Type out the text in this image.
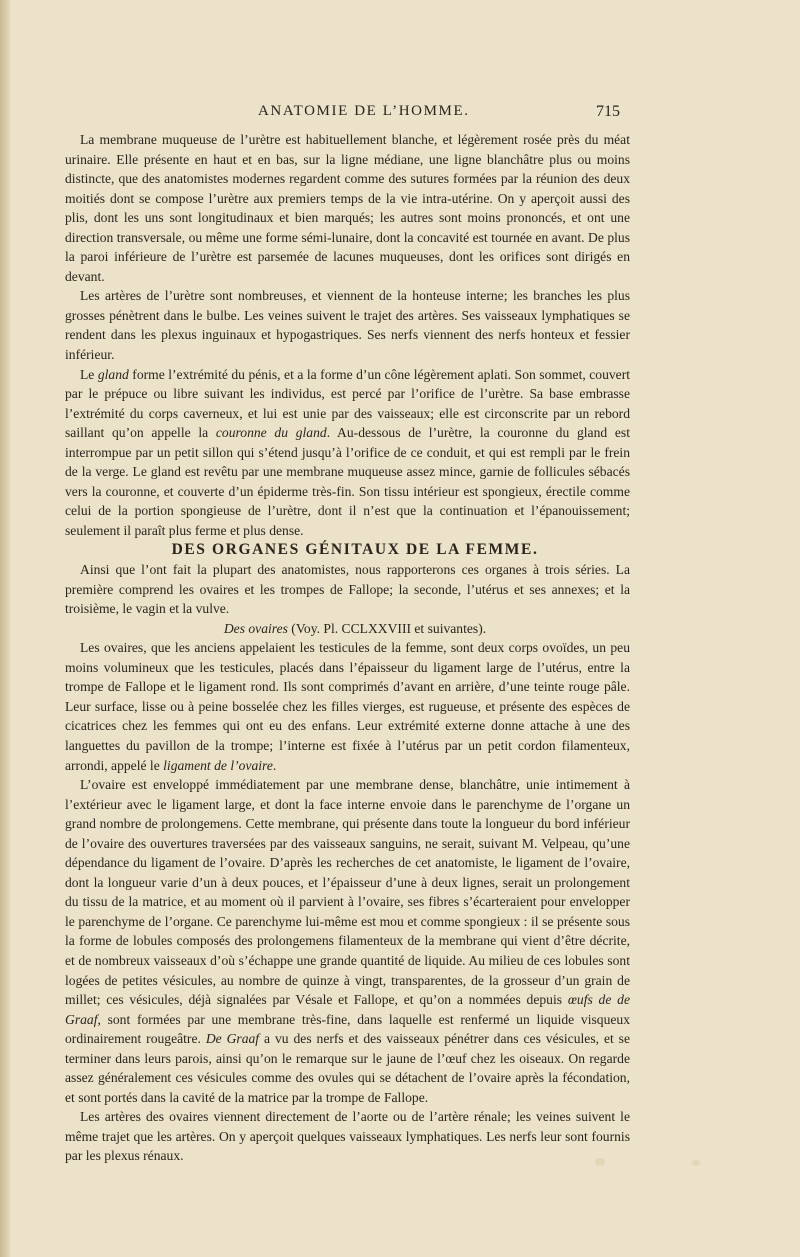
ANATOMIE DE L’HOMME.	715

La membrane muqueuse de l’urètre est habituellement blanche, et légèrement rosée près du méat urinaire. Elle présente en haut et en bas, sur la ligne médiane, une ligne blanchâtre plus ou moins distincte, que des anatomistes modernes regardent comme des sutures formées par la réunion des deux moitiés dont se compose l’urètre aux premiers temps de la vie intra-utérine. On y aperçoit aussi des plis, dont les uns sont longitudinaux et bien marqués; les autres sont moins prononcés, et ont une direction transversale, ou même une forme sémi-lunaire, dont la concavité est tournée en avant. De plus la paroi inférieure de l’urètre est parsemée de lacunes muqueuses, dont les orifices sont dirigés en devant.

Les artères de l’urètre sont nombreuses, et viennent de la honteuse interne; les branches les plus grosses pénètrent dans le bulbe. Les veines suivent le trajet des artères. Ses vaisseaux lymphatiques se rendent dans les plexus inguinaux et hypogastriques. Ses nerfs viennent des nerfs honteux et fessier inférieur.

Le gland forme l’extrémité du pénis, et a la forme d’un cône légèrement aplati. Son sommet, couvert par le prépuce ou libre suivant les individus, est percé par l’orifice de l’urètre. Sa base embrasse l’extrémité du corps caverneux, et lui est unie par des vaisseaux; elle est circonscrite par un rebord saillant qu’on appelle la couronne du gland. Au-dessous de l’urètre, la couronne du gland est interrompue par un petit sillon qui s’étend jusqu’à l’orifice de ce conduit, et qui est rempli par le frein de la verge. Le gland est revêtu par une membrane muqueuse assez mince, garnie de follicules sébacés vers la couronne, et couverte d’un épiderme très-fin. Son tissu intérieur est spongieux, érectile comme celui de la portion spongieuse de l’urètre, dont il n’est que la continuation et l’épanouissement; seulement il paraît plus ferme et plus dense.

DES ORGANES GÉNITAUX DE LA FEMME.

Ainsi que l’ont fait la plupart des anatomistes, nous rapporterons ces organes à trois séries. La première comprend les ovaires et les trompes de Fallope; la seconde, l’utérus et ses annexes; et la troisième, le vagin et la vulve.

Des ovaires (Voy. Pl. CCLXXVIII et suivantes).

Les ovaires, que les anciens appelaient les testicules de la femme, sont deux corps ovoïdes, un peu moins volumineux que les testicules, placés dans l’épaisseur du ligament large de l’utérus, entre la trompe de Fallope et le ligament rond. Ils sont comprimés d’avant en arrière, d’une teinte rouge pâle. Leur surface, lisse ou à peine bosselée chez les filles vierges, est rugueuse, et présente des espèces de cicatrices chez les femmes qui ont eu des enfans. Leur extrémité externe donne attache à une des languettes du pavillon de la trompe; l’interne est fixée à l’utérus par un petit cordon filamenteux, arrondi, appelé le ligament de l’ovaire.

L’ovaire est enveloppé immédiatement par une membrane dense, blanchâtre, unie intimement à l’extérieur avec le ligament large, et dont la face interne envoie dans le parenchyme de l’organe un grand nombre de prolongemens. Cette membrane, qui présente dans toute la longueur du bord inférieur de l’ovaire des ouvertures traversées par des vaisseaux sanguins, ne serait, suivant M. Velpeau, qu’une dépendance du ligament de l’ovaire. D’après les recherches de cet anatomiste, le ligament de l’ovaire, dont la longueur varie d’un à deux pouces, et l’épaisseur d’une à deux lignes, serait un prolongement du tissu de la matrice, et au moment où il parvient à l’ovaire, ses fibres s’écarteraient pour envelopper le parenchyme de l’organe. Ce parenchyme lui-même est mou et comme spongieux : il se présente sous la forme de lobules composés des prolongemens filamenteux de la membrane qui vient d’être décrite, et de nombreux vaisseaux d’où s’échappe une grande quantité de liquide. Au milieu de ces lobules sont logées de petites vésicules, au nombre de quinze à vingt, transparentes, de la grosseur d’un grain de millet; ces vésicules, déjà signalées par Vésale et Fallope, et qu’on a nommées depuis œufs de de Graaf, sont formées par une membrane très-fine, dans laquelle est renfermé un liquide visqueux ordinairement rougeâtre. De Graaf a vu des nerfs et des vaisseaux pénétrer dans ces vésicules, et se terminer dans leurs parois, ainsi qu’on le remarque sur le jaune de l’œuf chez les oiseaux. On regarde assez généralement ces vésicules comme des ovules qui se détachent de l’ovaire après la fécondation, et sont portés dans la cavité de la matrice par la trompe de Fallope.

Les artères des ovaires viennent directement de l’aorte ou de l’artère rénale; les veines suivent le même trajet que les artères. On y aperçoit quelques vaisseaux lymphatiques. Les nerfs leur sont fournis par les plexus rénaux.
